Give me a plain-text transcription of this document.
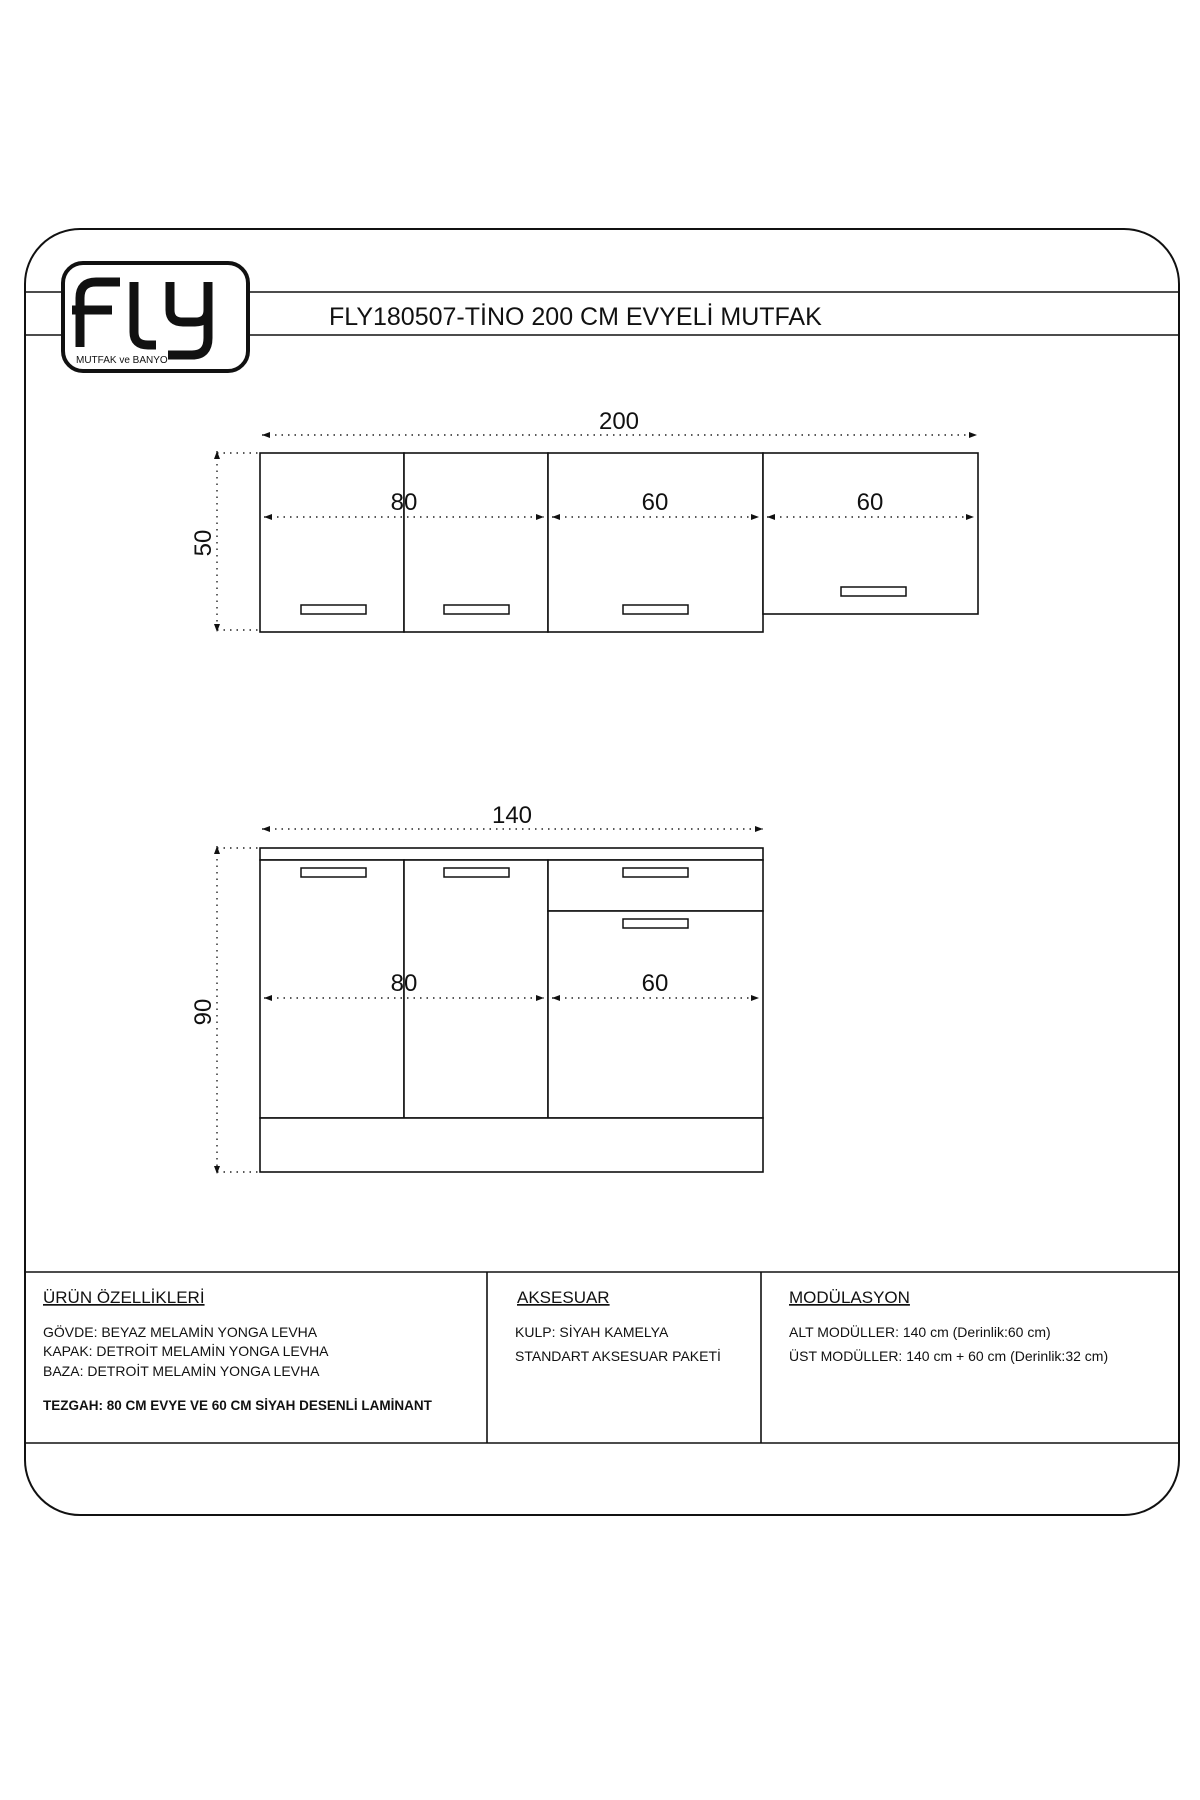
MUTFAK ve BANYO
FLY180507-TİNO 200 CM EVYELİ MUTFAK
200
50
80	60	60
140
90
80	60
ÜRÜN ÖZELLİKLERİ
GÖVDE: BEYAZ MELAMİN YONGA LEVHA
KAPAK: DETROİT MELAMİN YONGA LEVHA
BAZA: DETROİT MELAMİN YONGA LEVHA
TEZGAH: 80 CM EVYE VE 60 CM SİYAH DESENLİ LAMİNANT
AKSESUAR
KULP: SİYAH KAMELYA
STANDART AKSESUAR PAKETİ
MODÜLASYON
ALT MODÜLLER: 140 cm (Derinlik:60 cm)
ÜST MODÜLLER: 140 cm + 60 cm (Derinlik:32 cm)
